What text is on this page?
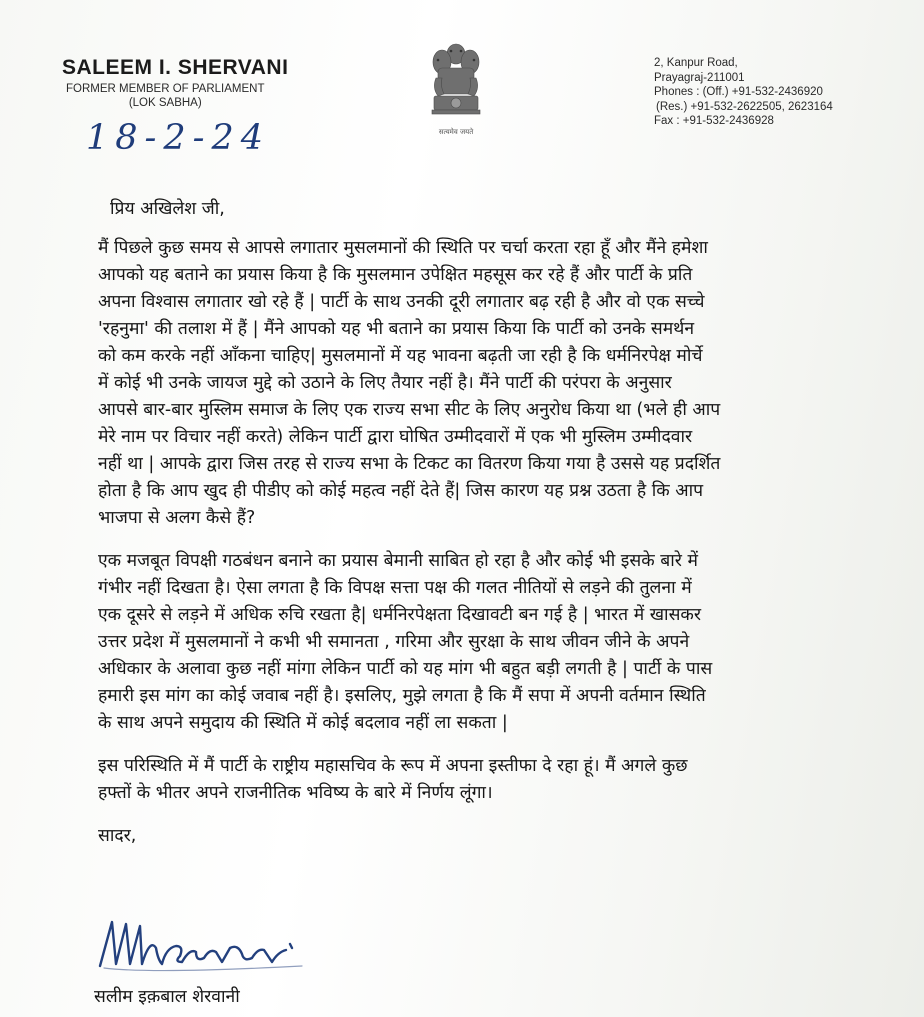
SALEEM I. SHERVANI
FORMER MEMBER OF PARLIAMENT
(LOK SABHA)
सत्यमेव जयते
2, Kanpur Road,
Prayagraj-211001
Phones : (Off.) +91-532-2436920
(Res.) +91-532-2622505, 2623164
Fax : +91-532-2436928
18-2-24
प्रिय अखिलेश जी,
मैं पिछले कुछ समय से आपसे लगातार मुसलमानों की स्थिति पर चर्चा करता रहा हूँ और मैंने हमेशा
आपको यह बताने का प्रयास किया है कि मुसलमान उपेक्षित महसूस कर रहे हैं और पार्टी के प्रति
अपना विश्वास लगातार खो रहे हैं | पार्टी के साथ उनकी दूरी लगातार बढ़ रही है और वो एक सच्चे
'रहनुमा' की तलाश में हैं | मैंने आपको यह भी बताने का प्रयास किया कि पार्टी को उनके समर्थन
को कम करके नहीं आँकना चाहिए| मुसलमानों में यह भावना बढ़ती जा रही है कि धर्मनिरपेक्ष मोर्चे
में कोई भी उनके जायज मुद्दे को उठाने के लिए तैयार नहीं है। मैंने पार्टी की परंपरा के अनुसार
आपसे बार-बार मुस्लिम समाज के लिए एक राज्य सभा सीट के लिए अनुरोध किया था (भले ही आप
मेरे नाम पर विचार नहीं करते) लेकिन पार्टी द्वारा घोषित उम्मीदवारों में एक भी मुस्लिम उम्मीदवार
नहीं था | आपके द्वारा जिस तरह से राज्य सभा के टिकट का वितरण किया गया है उससे यह प्रदर्शित
होता है कि आप खुद ही पीडीए को कोई महत्व नहीं देते हैं| जिस कारण यह प्रश्न उठता है कि आप
भाजपा से अलग कैसे हैं?
एक मजबूत विपक्षी गठबंधन बनाने का प्रयास बेमानी साबित हो रहा है और कोई भी इसके बारे में
गंभीर नहीं दिखता है। ऐसा लगता है कि विपक्ष सत्ता पक्ष की गलत नीतियों से लड़ने की तुलना में
एक दूसरे से लड़ने में अधिक रुचि रखता है| धर्मनिरपेक्षता दिखावटी बन गई है | भारत में खासकर
उत्तर प्रदेश में मुसलमानों ने कभी भी समानता , गरिमा और सुरक्षा के साथ जीवन जीने के अपने
अधिकार के अलावा कुछ नहीं मांगा लेकिन पार्टी को यह मांग भी बहुत बड़ी लगती है | पार्टी के पास
हमारी इस मांग का कोई जवाब नहीं है। इसलिए, मुझे लगता है कि मैं सपा में अपनी वर्तमान स्थिति
के साथ अपने समुदाय की स्थिति में कोई बदलाव नहीं ला सकता |
इस परिस्थिति में मैं पार्टी के राष्ट्रीय महासचिव के रूप में अपना इस्तीफा दे रहा हूं। मैं अगले कुछ
हफ्तों के भीतर अपने राजनीतिक भविष्य के बारे में निर्णय लूंगा।
सादर,
सलीम इक़बाल शेरवानी
